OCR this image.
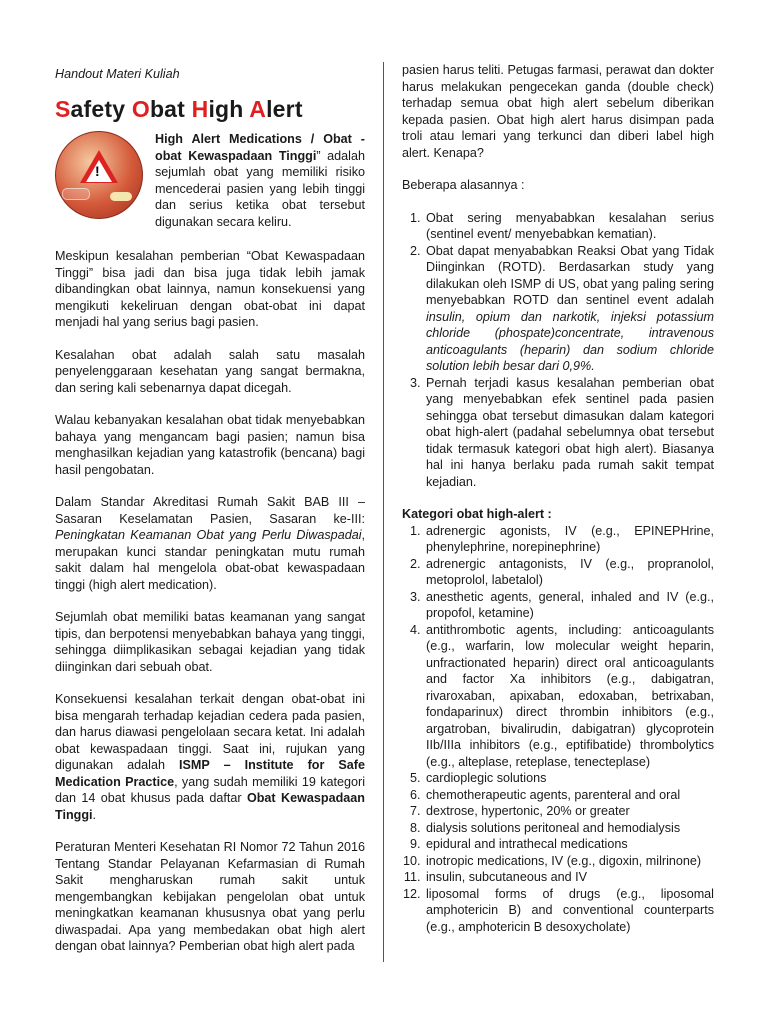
Handout Materi Kuliah
Safety Obat High Alert
!
High Alert Medications / Obat - obat Kewaspadaan Tinggi” adalah sejumlah obat yang memiliki risiko mencederai pasien yang lebih tinggi dan serius ketika obat tersebut digunakan secara keliru.

Meskipun kesalahan pemberian “Obat Kewaspadaan Tinggi” bisa jadi dan bisa juga tidak lebih jamak dibandingkan obat lainnya, namun konsekuensi yang mengikuti kekeliruan dengan obat-obat ini dapat menjadi hal yang serius bagi pasien.

Kesalahan obat adalah salah satu masalah penyelenggaraan kesehatan yang sangat bermakna, dan sering kali sebenarnya dapat dicegah.

Walau kebanyakan kesalahan obat tidak menyebabkan bahaya yang mengancam bagi pasien; namun bisa menghasilkan kejadian yang katastrofik (bencana) bagi hasil pengobatan.

Dalam Standar Akreditasi Rumah Sakit BAB III – Sasaran Keselamatan Pasien, Sasaran ke-III: Peningkatan Keamanan Obat yang Perlu Diwaspadai, merupakan kunci standar peningkatan mutu rumah sakit dalam hal mengelola obat-obat kewaspadaan tinggi (high alert medication).

Sejumlah obat memiliki batas keamanan yang sangat tipis, dan berpotensi menyebabkan bahaya yang tinggi, sehingga diimplikasikan sebagai kejadian yang tidak diinginkan dari sebuah obat.

Konsekuensi kesalahan terkait dengan obat-obat ini bisa mengarah terhadap kejadian cedera pada pasien, dan harus diawasi pengelolaan secara ketat. Ini adalah obat kewaspadaan tinggi. Saat ini, rujukan yang digunakan adalah ISMP – Institute for Safe Medication Practice, yang sudah memiliki 19 kategori dan 14 obat khusus pada daftar Obat Kewaspadaan Tinggi.

Peraturan Menteri Kesehatan RI Nomor 72 Tahun 2016 Tentang Standar Pelayanan Kefarmasian di Rumah Sakit mengharuskan rumah sakit untuk mengembangkan kebijakan pengelolan obat untuk meningkatkan keamanan khususnya obat yang perlu diwaspadai. Apa yang membedakan obat high alert dengan obat lainnya? Pemberian obat high alert pada

pasien harus teliti. Petugas farmasi, perawat dan dokter harus melakukan pengecekan ganda (double check) terhadap semua obat high alert sebelum diberikan kepada pasien. Obat high alert harus disimpan pada troli atau lemari yang terkunci dan diberi label high alert. Kenapa?

Beberapa alasannya :

1. Obat sering menyababkan kesalahan serius (sentinel event/ menyebabkan kematian).
2. Obat dapat menyababkan Reaksi Obat yang Tidak Diinginkan (ROTD). Berdasarkan study yang dilakukan oleh ISMP di US, obat yang paling sering menyebabkan ROTD dan sentinel event adalah insulin, opium dan narkotik, injeksi potassium chloride (phospate)concentrate, intravenous anticoagulants (heparin) dan sodium chloride solution lebih besar dari 0,9%.
3. Pernah terjadi kasus kesalahan pemberian obat yang menyebabkan efek sentinel pada pasien sehingga obat tersebut dimasukan dalam kategori obat high-alert (padahal sebelumnya obat tersebut tidak termasuk kategori obat high alert). Biasanya hal ini hanya berlaku pada rumah sakit tempat kejadian.
Kategori obat high-alert :
1. adrenergic agonists, IV (e.g., EPINEPHrine, phenylephrine, norepinephrine)
2. adrenergic antagonists, IV (e.g., propranolol, metoprolol, labetalol)
3. anesthetic agents, general, inhaled and IV (e.g., propofol, ketamine)
4. antithrombotic agents, including: anticoagulants (e.g., warfarin, low molecular weight heparin, unfractionated heparin) direct oral anticoagulants and factor Xa inhibitors (e.g., dabigatran, rivaroxaban, apixaban, edoxaban, betrixaban, fondaparinux) direct thrombin inhibitors (e.g., argatroban, bivalirudin, dabigatran) glycoprotein IIb/IIIa inhibitors (e.g., eptifibatide) thrombolytics (e.g., alteplase, reteplase, tenecteplase)
5. cardioplegic solutions
6. chemotherapeutic agents, parenteral and oral
7. dextrose, hypertonic, 20% or greater
8. dialysis solutions peritoneal and hemodialysis
9. epidural and intrathecal medications
10. inotropic medications, IV (e.g., digoxin, milrinone)
11. insulin, subcutaneous and IV
12. liposomal forms of drugs (e.g., liposomal amphotericin B) and conventional counterparts (e.g., amphotericin B desoxycholate)
